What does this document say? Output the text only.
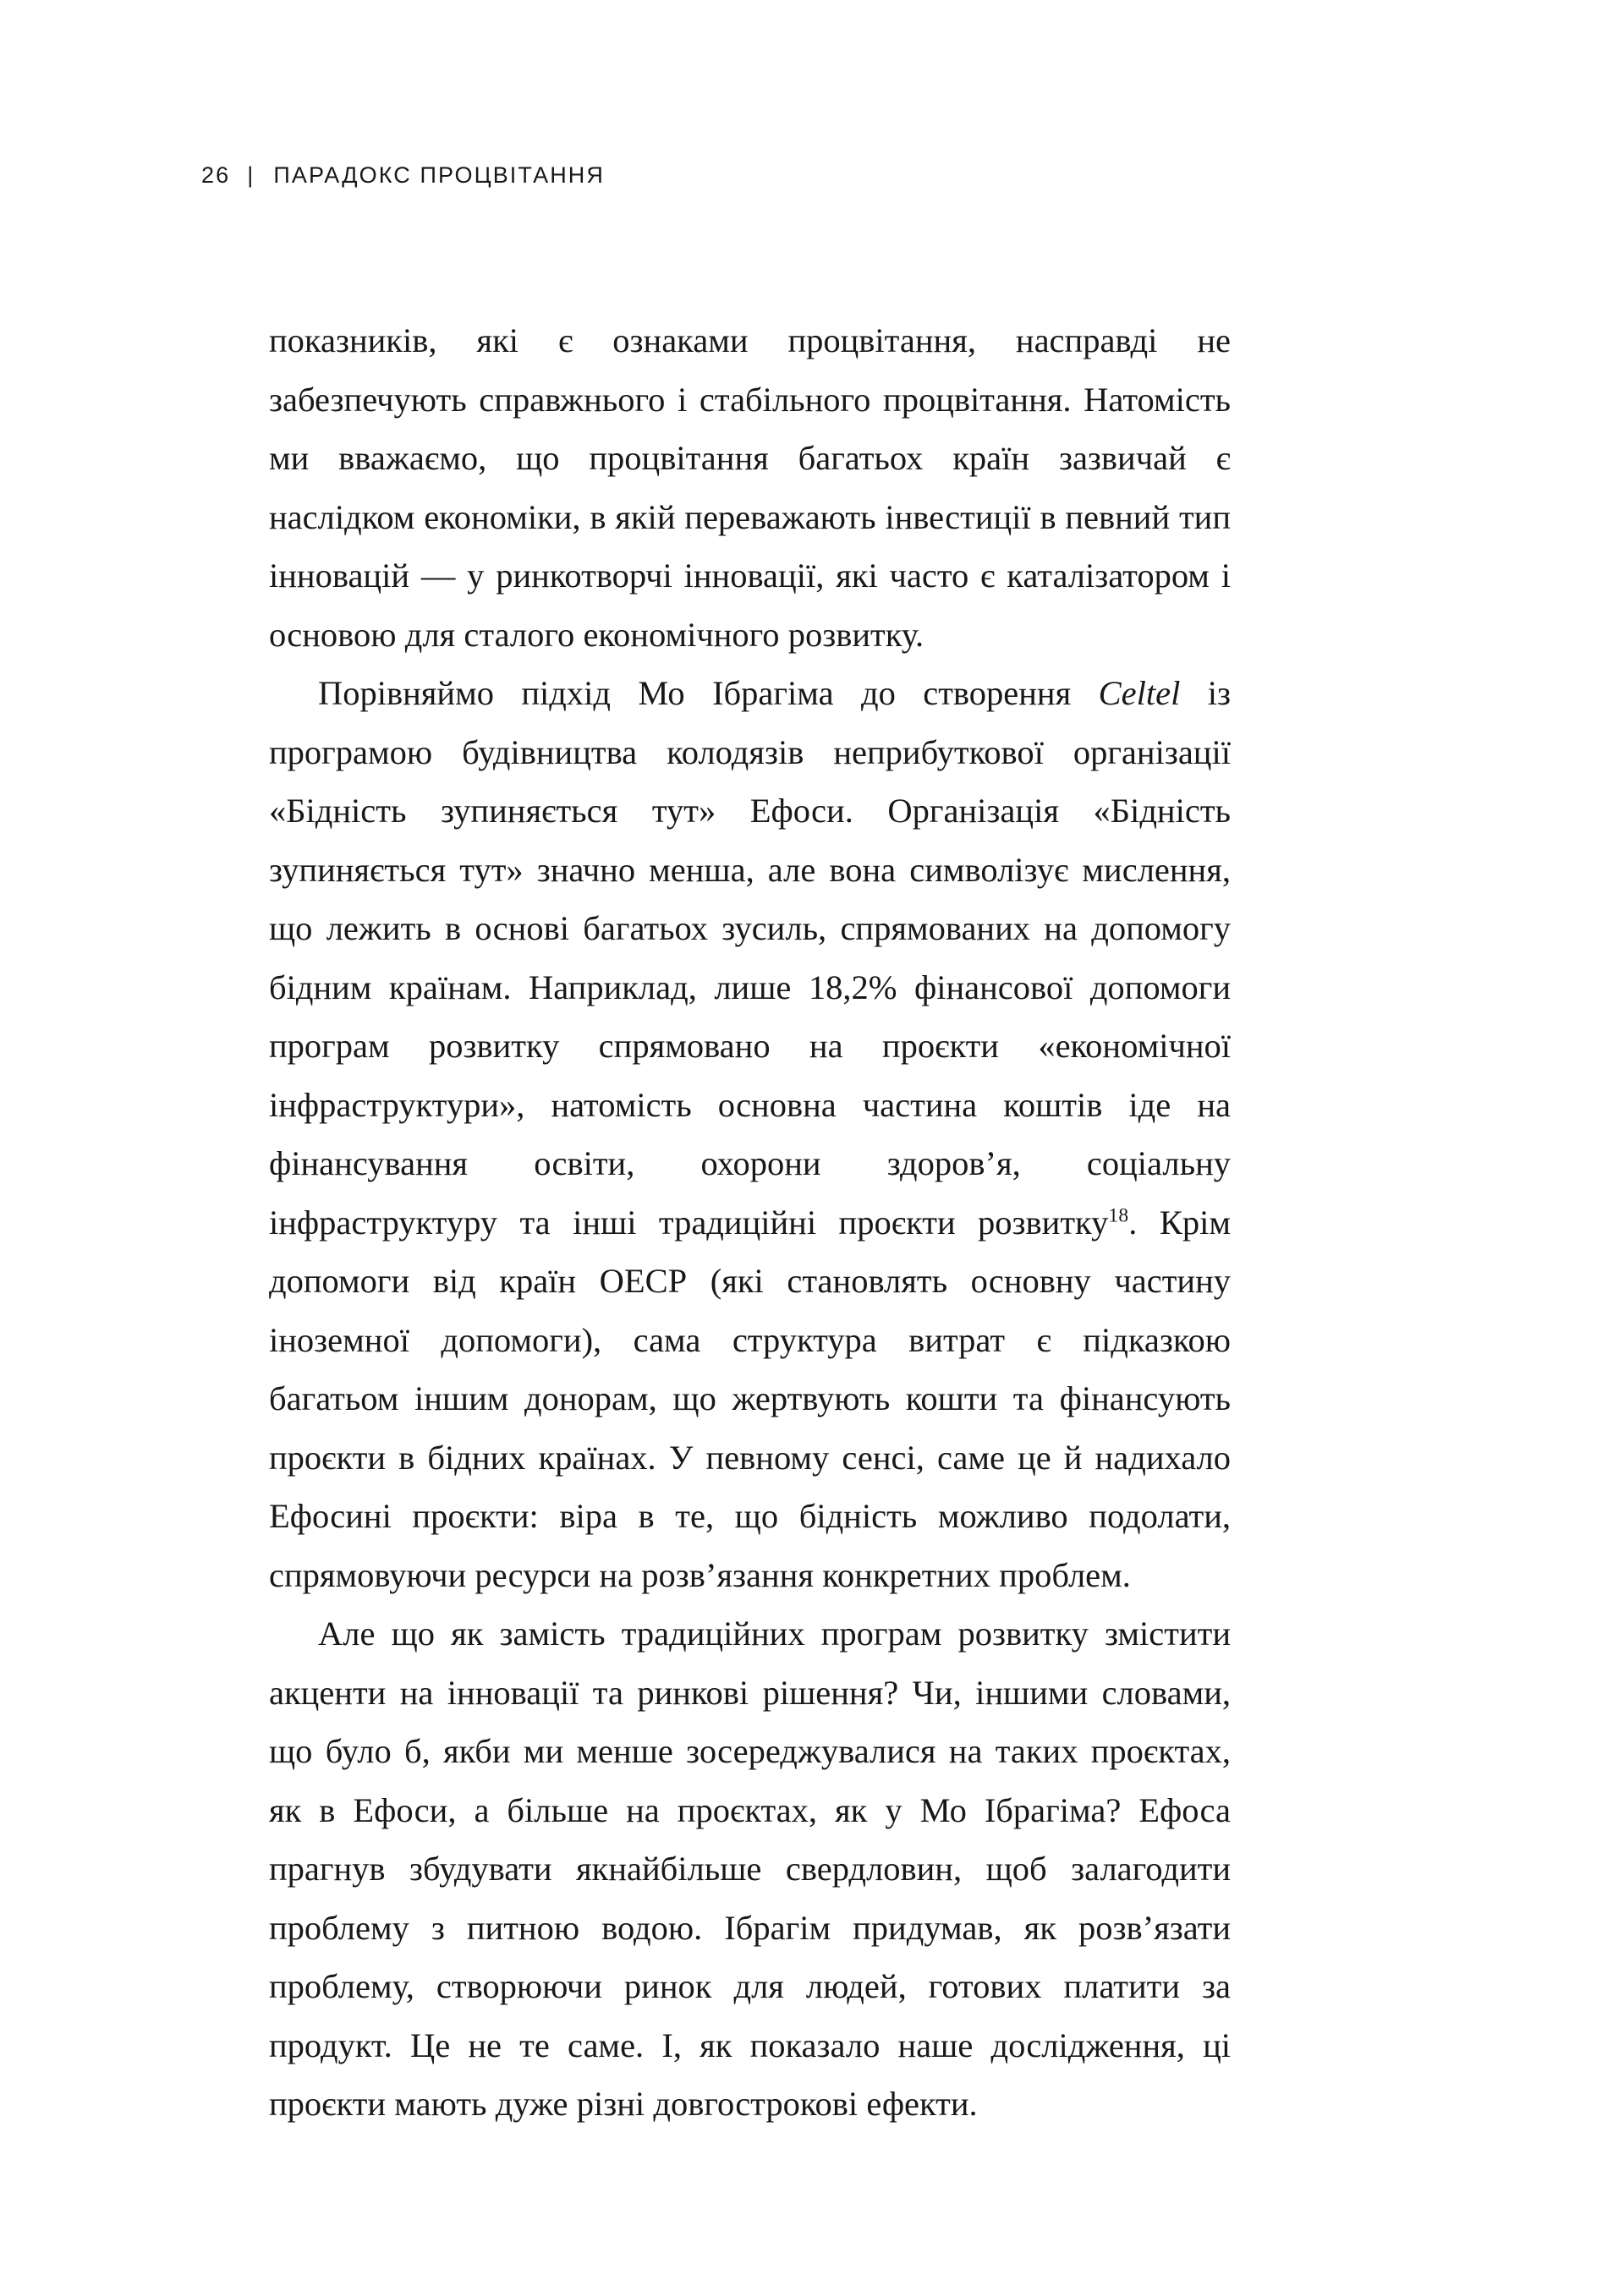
26 | ПАРАДОКС ПРОЦВІТАННЯ

показників, які є ознаками процвітання, насправді не забезпечують справжнього і стабільного процвітання. Натомість ми вважаємо, що процвітання багатьох країн зазвичай є наслідком економіки, в якій переважають інвестиції в певний тип інновацій — у ринкотворчі інновації, які часто є каталізатором і основою для сталого економічного розвитку.

Порівняймо підхід Мо Ібрагіма до створення Celtel із програмою будівництва колодязів неприбуткової організації «Бідність зупиняється тут» Ефоси. Організація «Бідність зупиняється тут» значно менша, але вона символізує мислення, що лежить в основі багатьох зусиль, спрямованих на допомогу бідним країнам. Наприклад, лише 18,2% фінансової допомоги програм розвитку спрямовано на проєкти «економічної інфраструктури», натомість основна частина коштів іде на фінансування освіти, охорони здоров’я, соціальну інфраструктуру та інші традиційні проєкти розвитку$^{18}$. Крім допомоги від країн ОЕСР (які становлять основну частину іноземної допомоги), сама структура витрат є підказкою багатьом іншим донорам, що жертвують кошти та фінансують проєкти в бідних країнах. У певному сенсі, саме це й надихало Ефосині проєкти: віра в те, що бідність можливо подолати, спрямовуючи ресурси на розв’язання конкретних проблем.

Але що як замість традиційних програм розвитку змістити акценти на інновації та ринкові рішення? Чи, іншими словами, що було б, якби ми менше зосереджувалися на таких проєктах, як в Ефоси, а більше на проєктах, як у Мо Ібрагіма? Ефоса прагнув збудувати якнайбільше свердловин, щоб залагодити проблему з питною водою. Ібрагім придумав, як розв’язати проблему, створюючи ринок для людей, готових платити за продукт. Це не те саме. І, як показало наше дослідження, ці проєкти мають дуже різні довгострокові ефекти.
